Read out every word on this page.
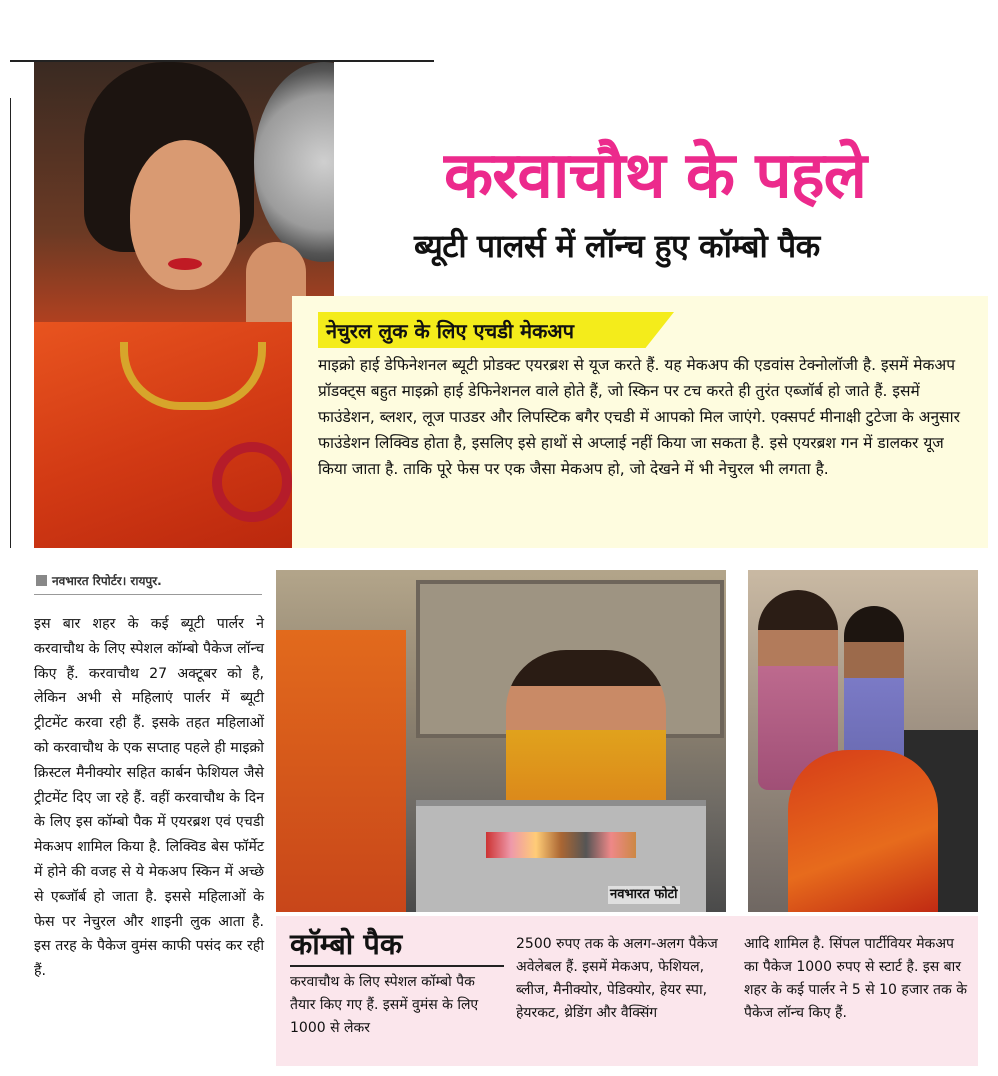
करवाचौथ के पहले
ब्यूटी पालर्स में लॉन्च हुए कॉम्बो पैक
नेचुरल लुक के लिए एचडी मेकअप
माइक्रो हाई डेफिनेशनल ब्यूटी प्रोडक्ट एयरब्रश से यूज करते हैं. यह मेकअप की एडवांस टेक्नोलॉजी है. इसमें मेकअप प्रॉडक्ट्स बहुत माइक्रो हाई डेफिनेशनल वाले होते हैं, जो स्किन पर टच करते ही तुरंत एब्जॉर्ब हो जाते हैं. इसमें फाउंडेशन, ब्लशर, लूज पाउडर और लिपस्टिक बगैर एचडी में आपको मिल जाएंगे. एक्सपर्ट मीनाक्षी टुटेजा के अनुसार फाउंडेशन लिक्विड होता है, इसलिए इसे हाथों से अप्लाई नहीं किया जा सकता है. इसे एयरब्रश गन में डालकर यूज किया जाता है. ताकि पूरे फेस पर एक जैसा मेकअप हो, जो देखने में भी नेचुरल भी लगता है.
नवभारत रिपोर्टर। रायपुर.
इस बार शहर के कई ब्यूटी पार्लर ने करवाचौथ के लिए स्पेशल कॉम्बो पैकेज लॉन्च किए हैं. करवाचौथ 27 अक्टूबर को है, लेकिन अभी से महिलाएं पार्लर में ब्यूटी ट्रीटमेंट करवा रही हैं. इसके तहत महिलाओं को करवाचौथ के एक सप्ताह पहले ही माइक्रो क्रिस्टल मैनीक्योर सहित कार्बन फेशियल जैसे ट्रीटमेंट दिए जा रहे हैं. वहीं करवाचौथ के दिन के लिए इस कॉम्बो पैक में एयरब्रश एवं एचडी मेकअप शामिल किया है. लिक्विड बेस फॉर्मेट में होने की वजह से ये मेकअप स्किन में अच्छे से एब्जॉर्ब हो जाता है. इससे महिलाओं के फेस पर नेचुरल और शाइनी लुक आता है. इस तरह के पैकेज वुमंस काफी पसंद कर रही हैं.
नवभारत फोटो
कॉम्बो पैक
करवाचौथ के लिए स्पेशल कॉम्बो पैक तैयार किए गए हैं. इसमें वुमंस के लिए 1000 से लेकर
2500 रुपए तक के अलग-अलग पैकेज अवेलेबल हैं. इसमें मेकअप, फेशियल, ब्लीज, मैनीक्योर, पेडिक्योर, हेयर स्पा, हेयरकट, थ्रेडिंग और वैक्सिंग
आदि शामिल है. सिंपल पार्टीवियर मेकअप का पैकेज 1000 रुपए से स्टार्ट है. इस बार शहर के कई पार्लर ने 5 से 10 हजार तक के पैकेज लॉन्च किए हैं.
